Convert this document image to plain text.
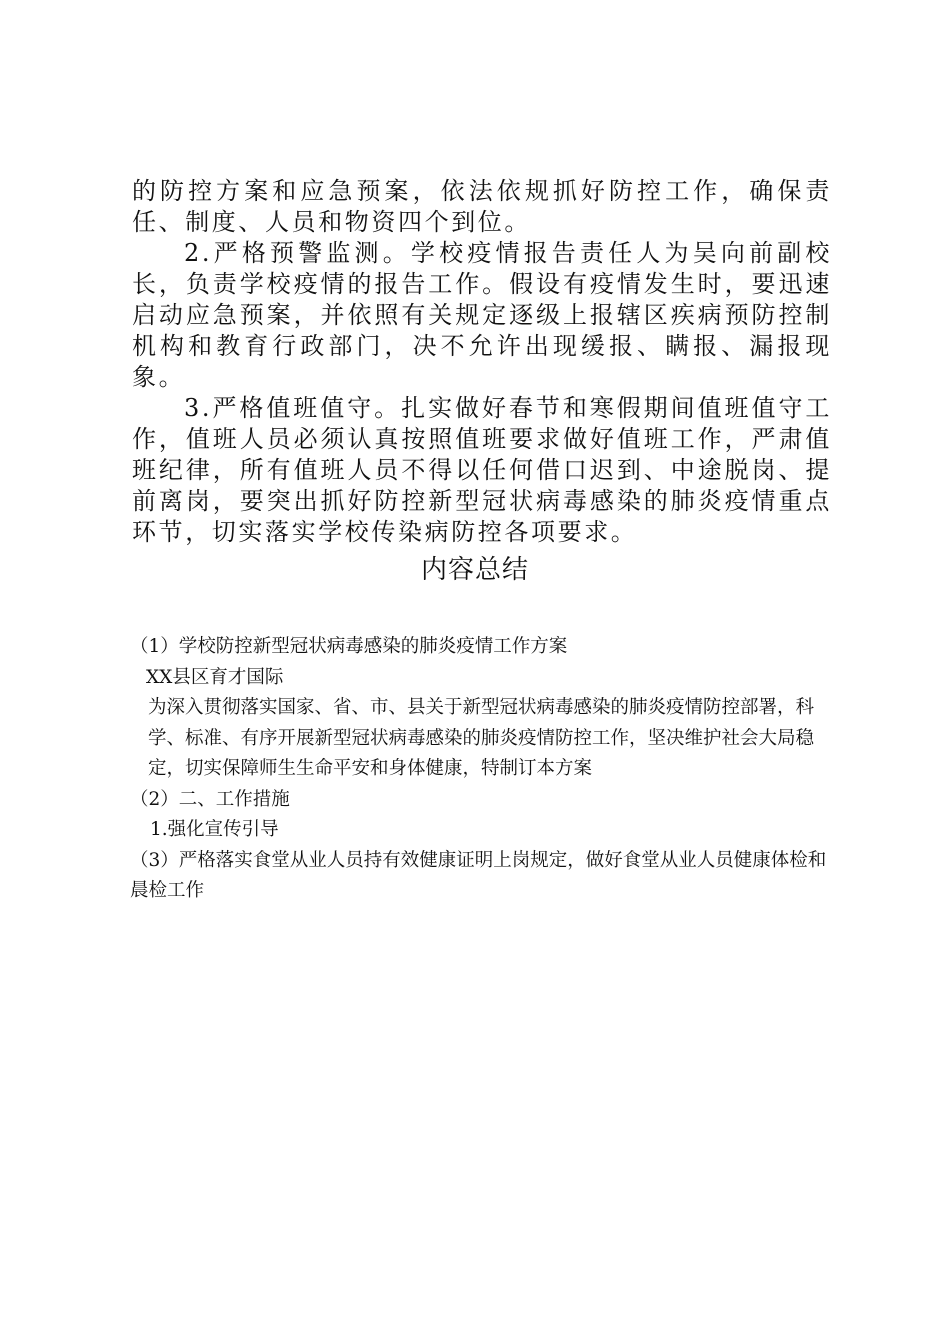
的防控方案和应急预案，依法依规抓好防控工作，确保责任、制度、人员和物资四个到位。

2.严格预警监测。学校疫情报告责任人为吴向前副校长，负责学校疫情的报告工作。假设有疫情发生时，要迅速启动应急预案，并依照有关规定逐级上报辖区疾病预防控制机构和教育行政部门，决不允许出现缓报、瞒报、漏报现象。

3.严格值班值守。扎实做好春节和寒假期间值班值守工作，值班人员必须认真按照值班要求做好值班工作，严肃值班纪律，所有值班人员不得以任何借口迟到、中途脱岗、提前离岗，要突出抓好防控新型冠状病毒感染的肺炎疫情重点环节，切实落实学校传染病防控各项要求。

内容总结

（1）学校防控新型冠状病毒感染的肺炎疫情工作方案

XX县区育才国际

为深入贯彻落实国家、省、市、县关于新型冠状病毒感染的肺炎疫情防控部署，科学、标准、有序开展新型冠状病毒感染的肺炎疫情防控工作，坚决维护社会大局稳定，切实保障师生生命平安和身体健康，特制订本方案

（2）二、工作措施

1.强化宣传引导

（3）严格落实食堂从业人员持有效健康证明上岗规定，做好食堂从业人员健康体检和晨检工作
